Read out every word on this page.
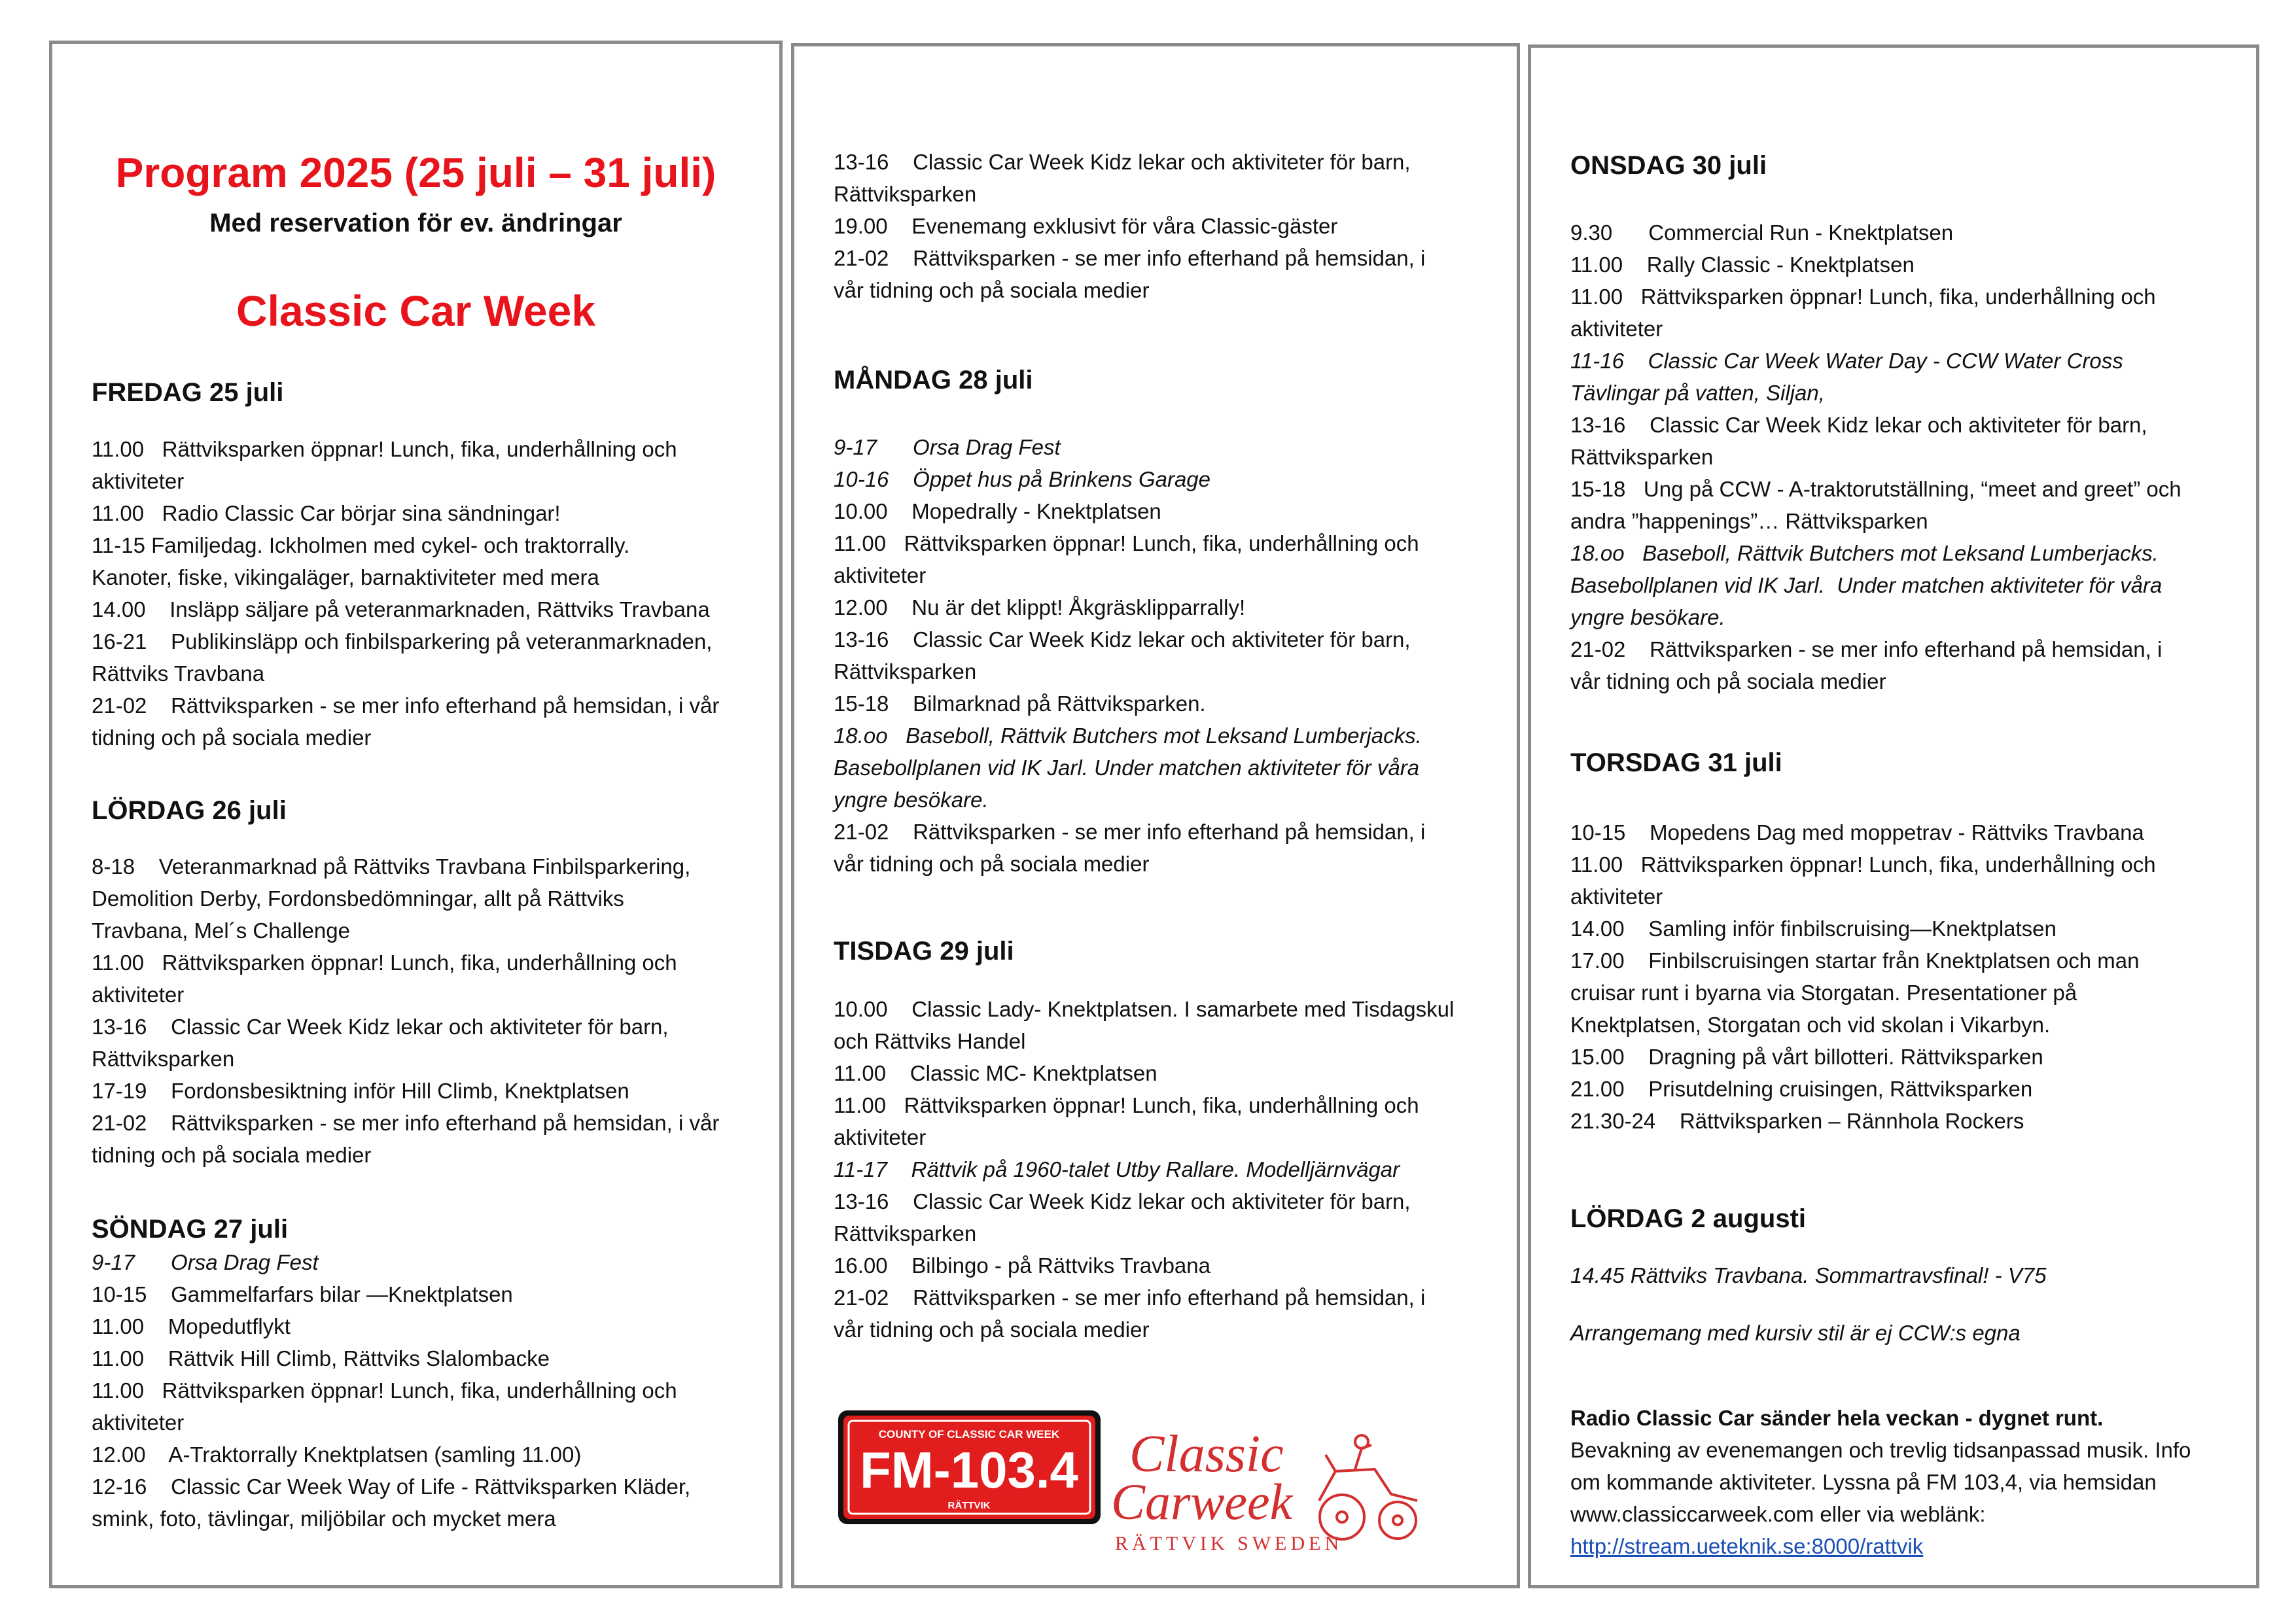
Program 2025 (25 juli – 31 juli)
Med reservation för ev. ändringar
Classic Car Week
FREDAG 25 juli
11.00   Rättviksparken öppnar! Lunch, fika, underhållning och
aktiviteter
11.00   Radio Classic Car börjar sina sändningar!
11-15 Familjedag. Ickholmen med cykel- och traktorrally.
Kanoter, fiske, vikingaläger, barnaktiviteter med mera
14.00    Insläpp säljare på veteranmarknaden, Rättviks Travbana
16-21    Publikinsläpp och finbilsparkering på veteranmarknaden,
Rättviks Travbana
21-02    Rättviksparken - se mer info efterhand på hemsidan, i vår
tidning och på sociala medier
LÖRDAG 26 juli
8-18    Veteranmarknad på Rättviks Travbana Finbilsparkering,
Demolition Derby, Fordonsbedömningar, allt på Rättviks
Travbana, Mel´s Challenge
11.00   Rättviksparken öppnar! Lunch, fika, underhållning och
aktiviteter
13-16    Classic Car Week Kidz lekar och aktiviteter för barn,
Rättviksparken
17-19    Fordonsbesiktning inför Hill Climb, Knektplatsen
21-02    Rättviksparken - se mer info efterhand på hemsidan, i vår
tidning och på sociala medier
SÖNDAG 27 juli
9-17      Orsa Drag Fest
10-15    Gammelfarfars bilar —Knektplatsen
11.00    Mopedutflykt
11.00    Rättvik Hill Climb, Rättviks Slalombacke
11.00   Rättviksparken öppnar! Lunch, fika, underhållning och
aktiviteter
12.00    A-Traktorrally Knektplatsen (samling 11.00)
12-16    Classic Car Week Way of Life - Rättviksparken Kläder,
smink, foto, tävlingar, miljöbilar och mycket mera
13-16    Classic Car Week Kidz lekar och aktiviteter för barn,
Rättviksparken
19.00    Evenemang exklusivt för våra Classic-gäster
21-02    Rättviksparken - se mer info efterhand på hemsidan, i
vår tidning och på sociala medier
MÅNDAG 28 juli
9-17      Orsa Drag Fest
10-16    Öppet hus på Brinkens Garage
10.00    Mopedrally - Knektplatsen
11.00   Rättviksparken öppnar! Lunch, fika, underhållning och
aktiviteter
12.00    Nu är det klippt! Åkgräsklipparrally!
13-16    Classic Car Week Kidz lekar och aktiviteter för barn,
Rättviksparken
15-18    Bilmarknad på Rättviksparken.
18.oo   Baseboll, Rättvik Butchers mot Leksand Lumberjacks.
Basebollplanen vid IK Jarl. Under matchen aktiviteter för våra
yngre besökare.
21-02    Rättviksparken - se mer info efterhand på hemsidan, i
vår tidning och på sociala medier
TISDAG 29 juli
10.00    Classic Lady- Knektplatsen. I samarbete med Tisdagskul
och Rättviks Handel
11.00    Classic MC- Knektplatsen
11.00   Rättviksparken öppnar! Lunch, fika, underhållning och
aktiviteter
11-17    Rättvik på 1960-talet Utby Rallare. Modelljärnvägar
13-16    Classic Car Week Kidz lekar och aktiviteter för barn,
Rättviksparken
16.00    Bilbingo - på Rättviks Travbana
21-02    Rättviksparken - se mer info efterhand på hemsidan, i
vår tidning och på sociala medier
COUNTY OF CLASSIC CAR WEEK
FM-103.4
RÄTTVIK
Classic
Carweek
RÄTTVIK SWEDEN
ONSDAG 30 juli
9.30      Commercial Run - Knektplatsen
11.00    Rally Classic - Knektplatsen
11.00   Rättviksparken öppnar! Lunch, fika, underhållning och
aktiviteter
11-16    Classic Car Week Water Day - CCW Water Cross
Tävlingar på vatten, Siljan,
13-16    Classic Car Week Kidz lekar och aktiviteter för barn,
Rättviksparken
15-18   Ung på CCW - A-traktorutställning, “meet and greet” och
andra ”happenings”… Rättviksparken
18.oo   Baseboll, Rättvik Butchers mot Leksand Lumberjacks.
Basebollplanen vid IK Jarl.  Under matchen aktiviteter för våra
yngre besökare.
21-02    Rättviksparken - se mer info efterhand på hemsidan, i
vår tidning och på sociala medier
TORSDAG 31 juli
10-15    Mopedens Dag med moppetrav - Rättviks Travbana
11.00   Rättviksparken öppnar! Lunch, fika, underhållning och
aktiviteter
14.00    Samling inför finbilscruising—Knektplatsen
17.00    Finbilscruisingen startar från Knektplatsen och man
cruisar runt i byarna via Storgatan. Presentationer på
Knektplatsen, Storgatan och vid skolan i Vikarbyn.
15.00    Dragning på vårt billotteri. Rättviksparken
21.00    Prisutdelning cruisingen, Rättviksparken
21.30-24    Rättviksparken – Rännhola Rockers
LÖRDAG 2 augusti
14.45 Rättviks Travbana. Sommartravsfinal! - V75
Arrangemang med kursiv stil är ej CCW:s egna
Radio Classic Car sänder hela veckan - dygnet runt.
Bevakning av evenemangen och trevlig tidsanpassad musik. Info
om kommande aktiviteter. Lyssna på FM 103,4, via hemsidan
www.classiccarweek.com eller via weblänk:
http://stream.ueteknik.se:8000/rattvik
